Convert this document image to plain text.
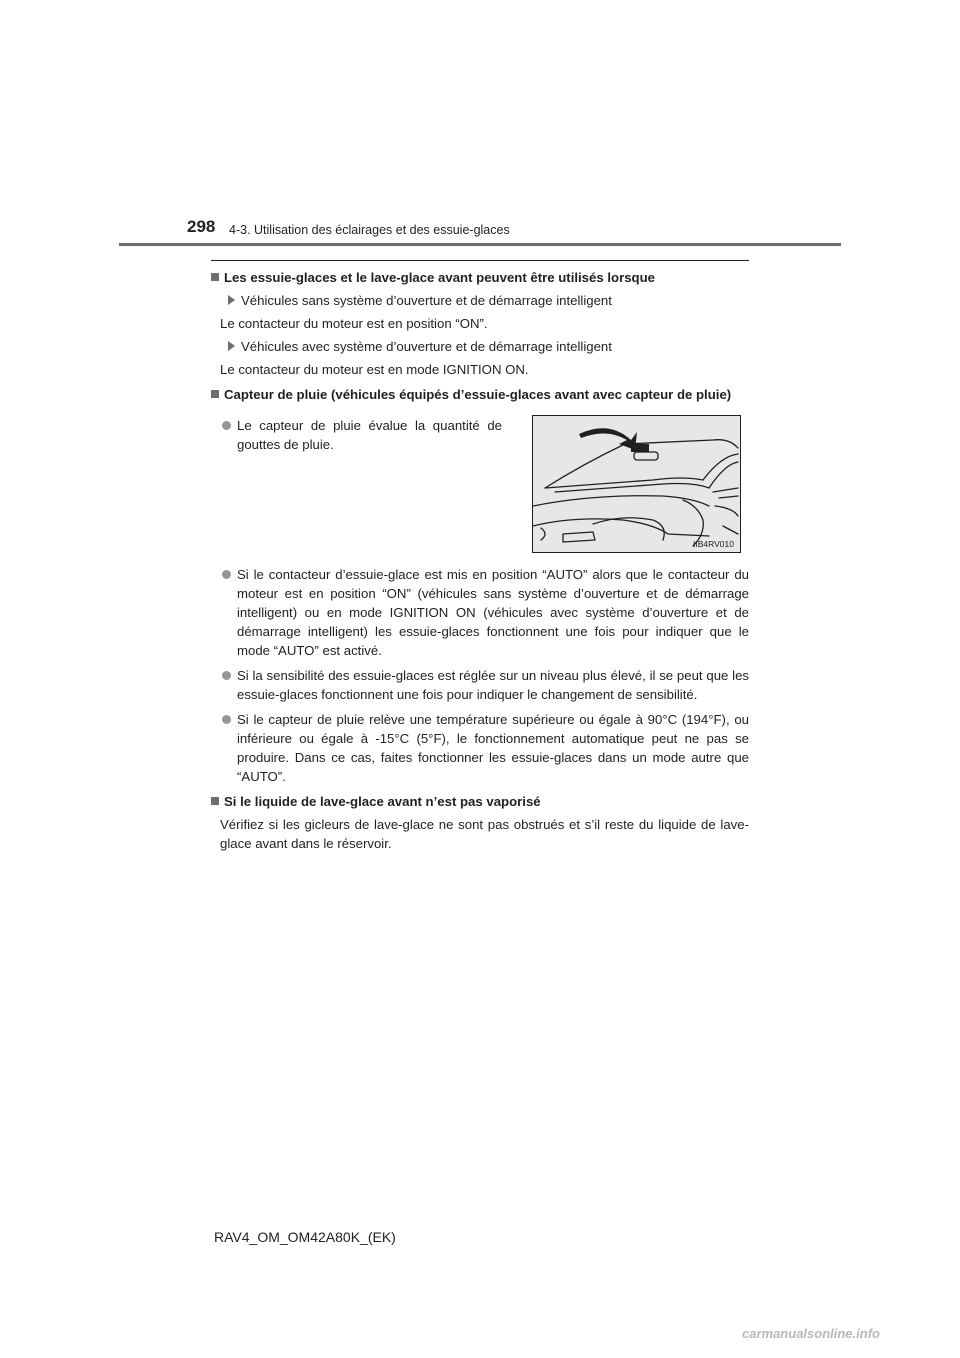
298 4-3. Utilisation des éclairages et des essuie-glaces
Les essuie-glaces et le lave-glace avant peuvent être utilisés lorsque
Véhicules sans système d’ouverture et de démarrage intelligent
Le contacteur du moteur est en position “ON”.
Véhicules avec système d’ouverture et de démarrage intelligent
Le contacteur du moteur est en mode IGNITION ON.
Capteur de pluie (véhicules équipés d’essuie-glaces avant avec capteur de pluie)
Le capteur de pluie évalue la quantité de gouttes de pluie.
IIB4RV010
Si le contacteur d’essuie-glace est mis en position “AUTO” alors que le contacteur du moteur est en position “ON” (véhicules sans système d’ouverture et de démarrage intelligent) ou en mode IGNITION ON (véhicules avec système d’ouverture et de démarrage intelligent) les essuie-glaces fonctionnent une fois pour indiquer que le mode “AUTO” est activé.
Si la sensibilité des essuie-glaces est réglée sur un niveau plus élevé, il se peut que les essuie-glaces fonctionnent une fois pour indiquer le changement de sensibilité.
Si le capteur de pluie relève une température supérieure ou égale à 90°C (194°F), ou inférieure ou égale à -15°C (5°F), le fonctionnement automatique peut ne pas se produire. Dans ce cas, faites fonctionner les essuie-glaces dans un mode autre que “AUTO”.
Si le liquide de lave-glace avant n’est pas vaporisé
Vérifiez si les gicleurs de lave-glace ne sont pas obstrués et s’il reste du liquide de lave-glace avant dans le réservoir.
RAV4_OM_OM42A80K_(EK)
carmanualsonline.info
